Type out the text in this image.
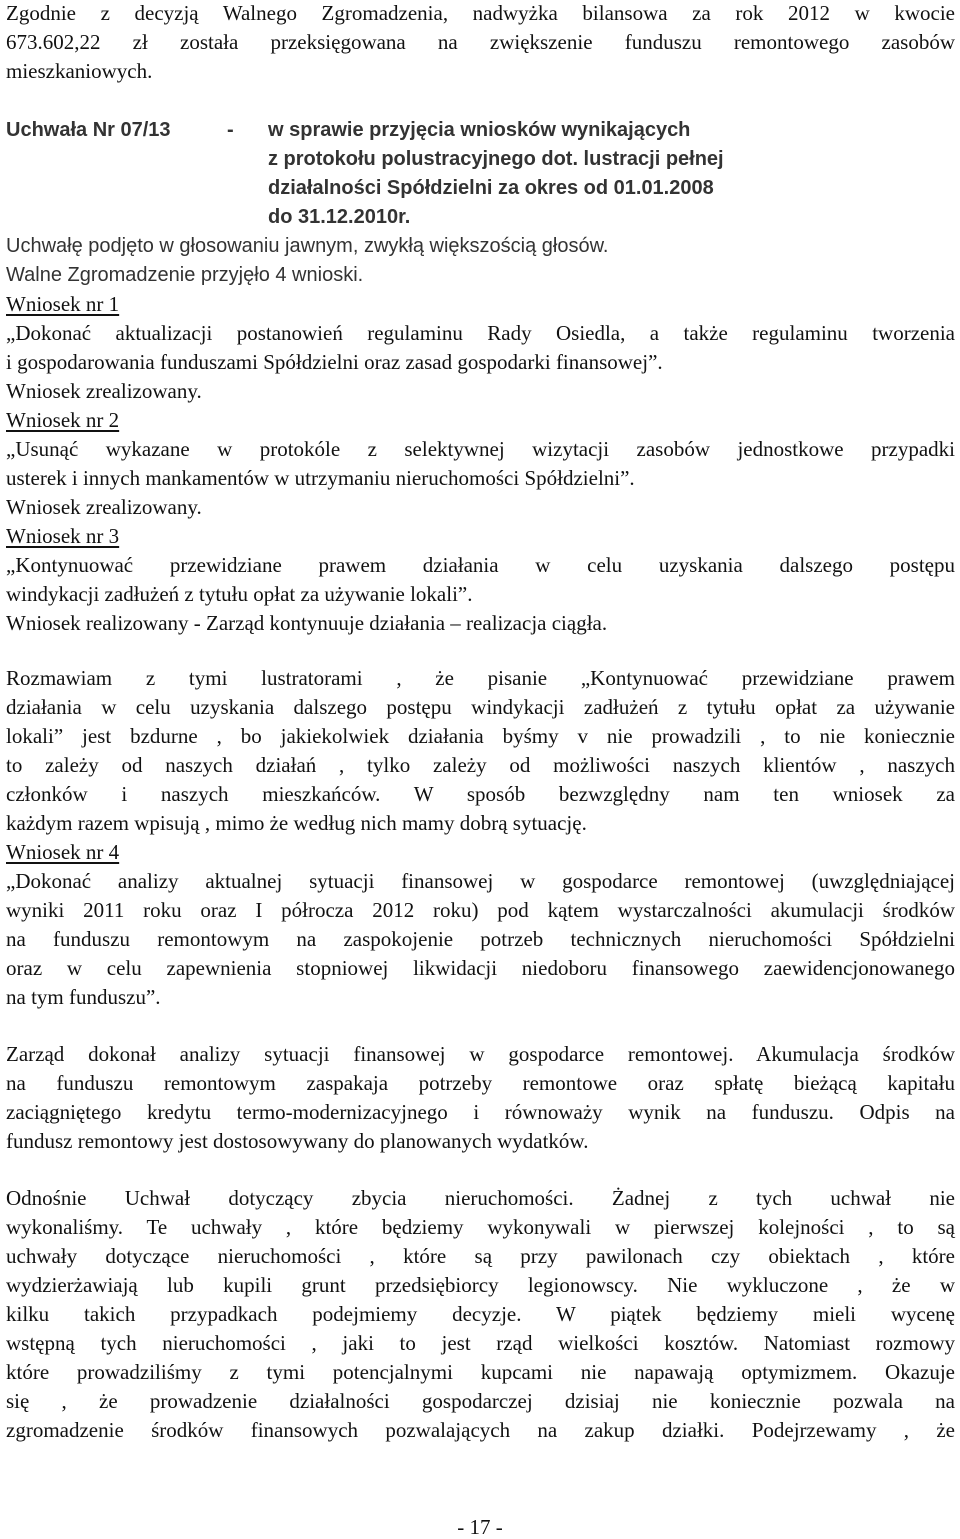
Zgodnie z decyzją Walnego Zgromadzenia, nadwyżka bilansowa za rok 2012 w kwocie
673.602,22 zł została przeksięgowana na zwiększenie funduszu remontowego zasobów
mieszkaniowych.
Uchwała Nr 07/13	- w sprawie przyjęcia wniosków wynikających
z protokołu polustracyjnego dot. lustracji pełnej
działalności Spółdzielni za okres od 01.01.2008
do 31.12.2010r.
Uchwałę podjęto w głosowaniu jawnym, zwykłą większością głosów.
Walne Zgromadzenie przyjęło 4 wnioski.
Wniosek nr 1
„Dokonać aktualizacji postanowień regulaminu Rady Osiedla, a także regulaminu tworzenia
i gospodarowania funduszami Spółdzielni oraz zasad gospodarki finansowej”.
Wniosek zrealizowany.
Wniosek nr 2
„Usunąć wykazane w protokóle z selektywnej wizytacji zasobów jednostkowe przypadki
usterek i innych mankamentów w utrzymaniu nieruchomości Spółdzielni”.
Wniosek zrealizowany.
Wniosek nr 3
„Kontynuować przewidziane prawem działania w celu uzyskania dalszego postępu
windykacji zadłużeń z tytułu opłat za używanie lokali”.
Wniosek realizowany - Zarząd kontynuuje działania – realizacja ciągła.
Rozmawiam z tymi lustratorami , że pisanie „Kontynuować przewidziane prawem
działania w celu uzyskania dalszego postępu windykacji zadłużeń z tytułu opłat za używanie
lokali” jest bzdurne , bo jakiekolwiek działania byśmy v nie prowadzili , to nie koniecznie
to zależy od naszych działań , tylko zależy od możliwości naszych klientów , naszych
członków i naszych mieszkańców. W sposób bezwzględny nam ten wniosek za
każdym razem wpisują , mimo że według nich mamy dobrą sytuację.
Wniosek nr 4
„Dokonać analizy aktualnej sytuacji finansowej w gospodarce remontowej (uwzględniającej
wyniki 2011 roku oraz I półrocza 2012 roku) pod kątem wystarczalności akumulacji środków
na funduszu remontowym na zaspokojenie potrzeb technicznych nieruchomości Spółdzielni
oraz w celu zapewnienia stopniowej likwidacji niedoboru finansowego zaewidencjonowanego
na tym funduszu”.
Zarząd dokonał analizy sytuacji finansowej w gospodarce remontowej. Akumulacja środków
na funduszu remontowym zaspakaja potrzeby remontowe oraz spłatę bieżącą kapitału
zaciągniętego kredytu termo-modernizacyjnego i równoważy wynik na funduszu. Odpis na
fundusz remontowy jest dostosowywany do planowanych wydatków.
Odnośnie Uchwał dotyczący zbycia nieruchomości. Żadnej z tych uchwał nie
wykonaliśmy. Te uchwały , które będziemy wykonywali w pierwszej kolejności , to są
uchwały dotyczące nieruchomości , które są przy pawilonach czy obiektach , które
wydzierżawiają lub kupili grunt przedsiębiorcy legionowscy. Nie wykluczone , że w
kilku takich przypadkach podejmiemy decyzje. W piątek będziemy mieli wycenę
wstępną tych nieruchomości , jaki to jest rząd wielkości kosztów. Natomiast rozmowy
które prowadziliśmy z tymi potencjalnymi kupcami nie napawają optymizmem. Okazuje
się , że prowadzenie działalności gospodarczej dzisiaj nie koniecznie pozwala na
zgromadzenie środków finansowych pozwalających na zakup działki. Podejrzewamy , że
- 17 -
